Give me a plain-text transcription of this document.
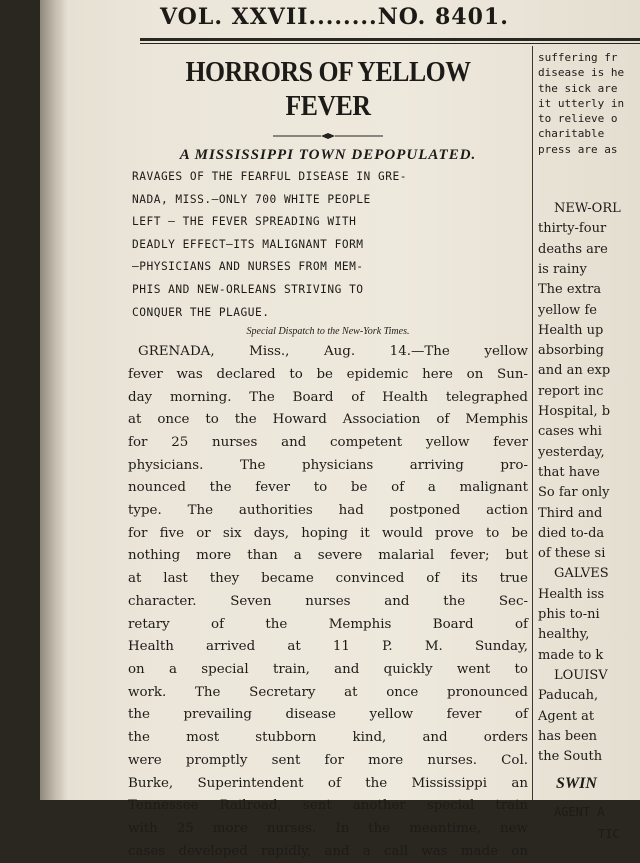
VOL. XXVII........NO. 8401.
HORRORS OF YELLOW FEVER
A MISSISSIPPI TOWN DEPOPULATED.
RAVAGES OF THE FEARFUL DISEASE IN GRE-
NADA, MISS.—ONLY 700 WHITE PEOPLE
LEFT — THE FEVER SPREADING WITH
DEADLY EFFECT—ITS MALIGNANT FORM
—PHYSICIANS AND NURSES FROM MEM-
PHIS AND NEW-ORLEANS STRIVING TO
CONQUER THE PLAGUE.
Special Dispatch to the New-York Times.
GRENADA, Miss., Aug. 14.—The yellow
fever was declared to be epidemic here on Sun-
day morning. The Board of Health telegraphed
at once to the Howard Association of Memphis
for 25 nurses and competent yellow fever
physicians. The physicians arriving pro-
nounced the fever to be of a malignant
type. The authorities had postponed action
for five or six days, hoping it would prove to be
nothing more than a severe malarial fever; but
at last they became convinced of its true
character. Seven nurses and the Sec-
retary of the Memphis Board of
Health arrived at 11 P. M. Sunday,
on a special train, and quickly went to
work. The Secretary at once pronounced
the prevailing disease yellow fever of
the most stubborn kind, and orders
were promptly sent for more nurses. Col.
Burke, Superintendent of the Mississippi an
Tennessee Railroad, sent another special train
with 25 more nurses. In the meantime, new
cases developed rapidly, and a call was made on
suffering fr
disease is he
the sick are
it utterly in
to relieve o
charitable
press are as
NEW-ORL
thirty-four
deaths are
is rainy
The extra
yellow fe
Health up
absorbing
and an exp
report inc
Hospital, b
cases whi
yesterday,
that have
So far only
Third and
died to-da
of these si
GALVES
Health iss
phis to-ni
healthy,
made to k
LOUISV
Paducah,
Agent at
has been
the South
SWIN
AGENT A
TIC
